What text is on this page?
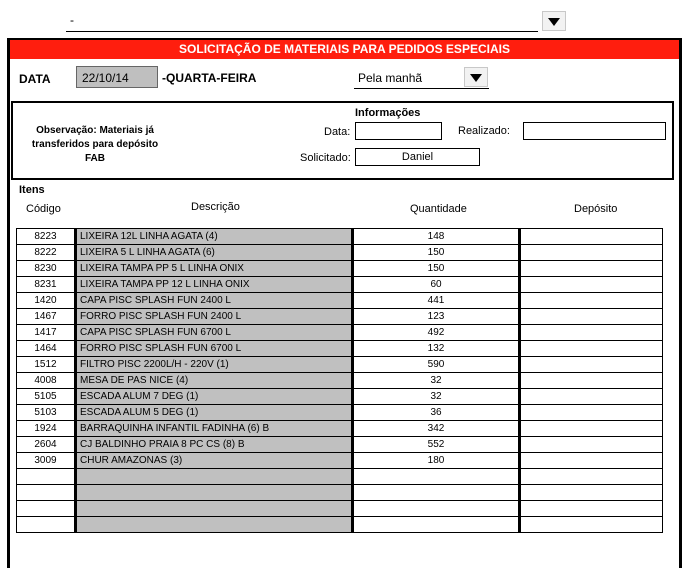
-
SOLICITAÇÃO DE MATERIAIS PARA PEDIDOS ESPECIAIS
DATA	22/10/14	-QUARTA-FEIRA	Pela manhã
Observação: Materiais já
transferidos para depósito
FAB
Informações
Data:	Realizado:
Solicitado:	Daniel
Itens
Código	Descrição	Quantidade	Depósito
8223	LIXEIRA 12L LINHA AGATA (4)	148	
8222	LIXEIRA 5 L LINHA AGATA (6)	150	
8230	LIXEIRA TAMPA PP 5 L LINHA ONIX	150	
8231	LIXEIRA TAMPA PP 12 L LINHA ONIX	60	
1420	CAPA PISC SPLASH FUN 2400 L	441	
1467	FORRO PISC SPLASH FUN 2400 L	123	
1417	CAPA PISC SPLASH FUN 6700 L	492	
1464	FORRO PISC SPLASH FUN 6700 L	132	
1512	FILTRO PISC 2200L/H - 220V (1)	590	
4008	MESA DE PAS NICE (4)	32	
5105	ESCADA ALUM 7 DEG (1)	32	
5103	ESCADA ALUM 5 DEG (1)	36	
1924	BARRAQUINHA INFANTIL FADINHA (6) B	342	
2604	CJ BALDINHO PRAIA 8 PC CS (8) B	552	
3009	CHUR AMAZONAS (3)	180	
